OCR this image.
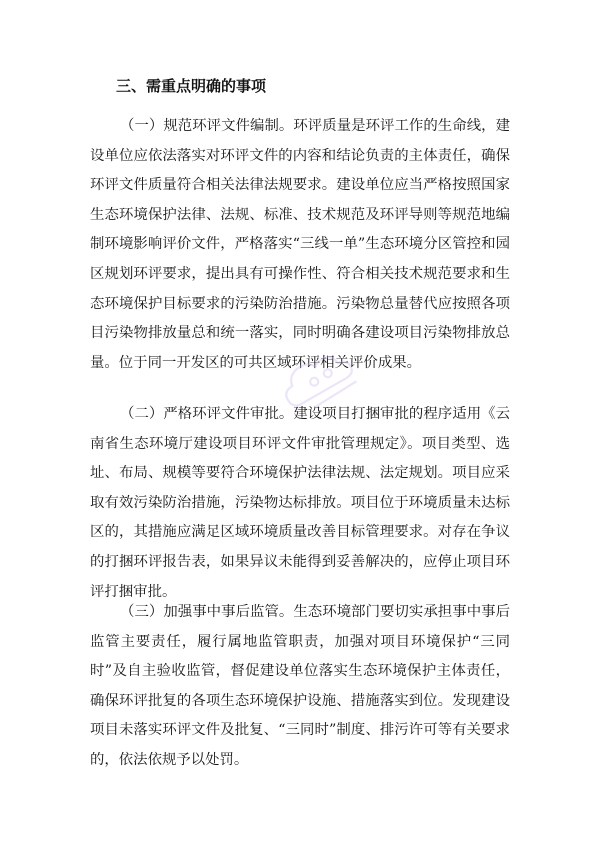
三、需重点明确的事项

（一）规范环评文件编制。环评质量是环评工作的生命线，建设单位应依法落实对环评文件的内容和结论负责的主体责任，确保环评文件质量符合相关法律法规要求。建设单位应当严格按照国家生态环境保护法律、法规、标准、技术规范及环评导则等规范地编制环境影响评价文件，严格落实“三线一单”生态环境分区管控和园区规划环评要求，提出具有可操作性、符合相关技术规范要求和生态环境保护目标要求的污染防治措施。污染物总量替代应按照各项目污染物排放量总和统一落实，同时明确各建设项目污染物排放总量。位于同一开发区的可共区域环评相关评价成果。

（二）严格环评文件审批。建设项目打捆审批的程序适用《云南省生态环境厅建设项目环评文件审批管理规定》。项目类型、选址、布局、规模等要符合环境保护法律法规、法定规划。项目应采取有效污染防治措施，污染物达标排放。项目位于环境质量未达标区的，其措施应满足区域环境质量改善目标管理要求。对存在争议的打捆环评报告表，如果异议未能得到妥善解决的，应停止项目环评打捆审批。

（三）加强事中事后监管。生态环境部门要切实承担事中事后监管主要责任，履行属地监管职责，加强对项目环境保护“三同时”及自主验收监管，督促建设单位落实生态环境保护主体责任，确保环评批复的各项生态环境保护设施、措施落实到位。发现建设项目未落实环评文件及批复、“三同时”制度、排污许可等有关要求的，依法依规予以处罚。
